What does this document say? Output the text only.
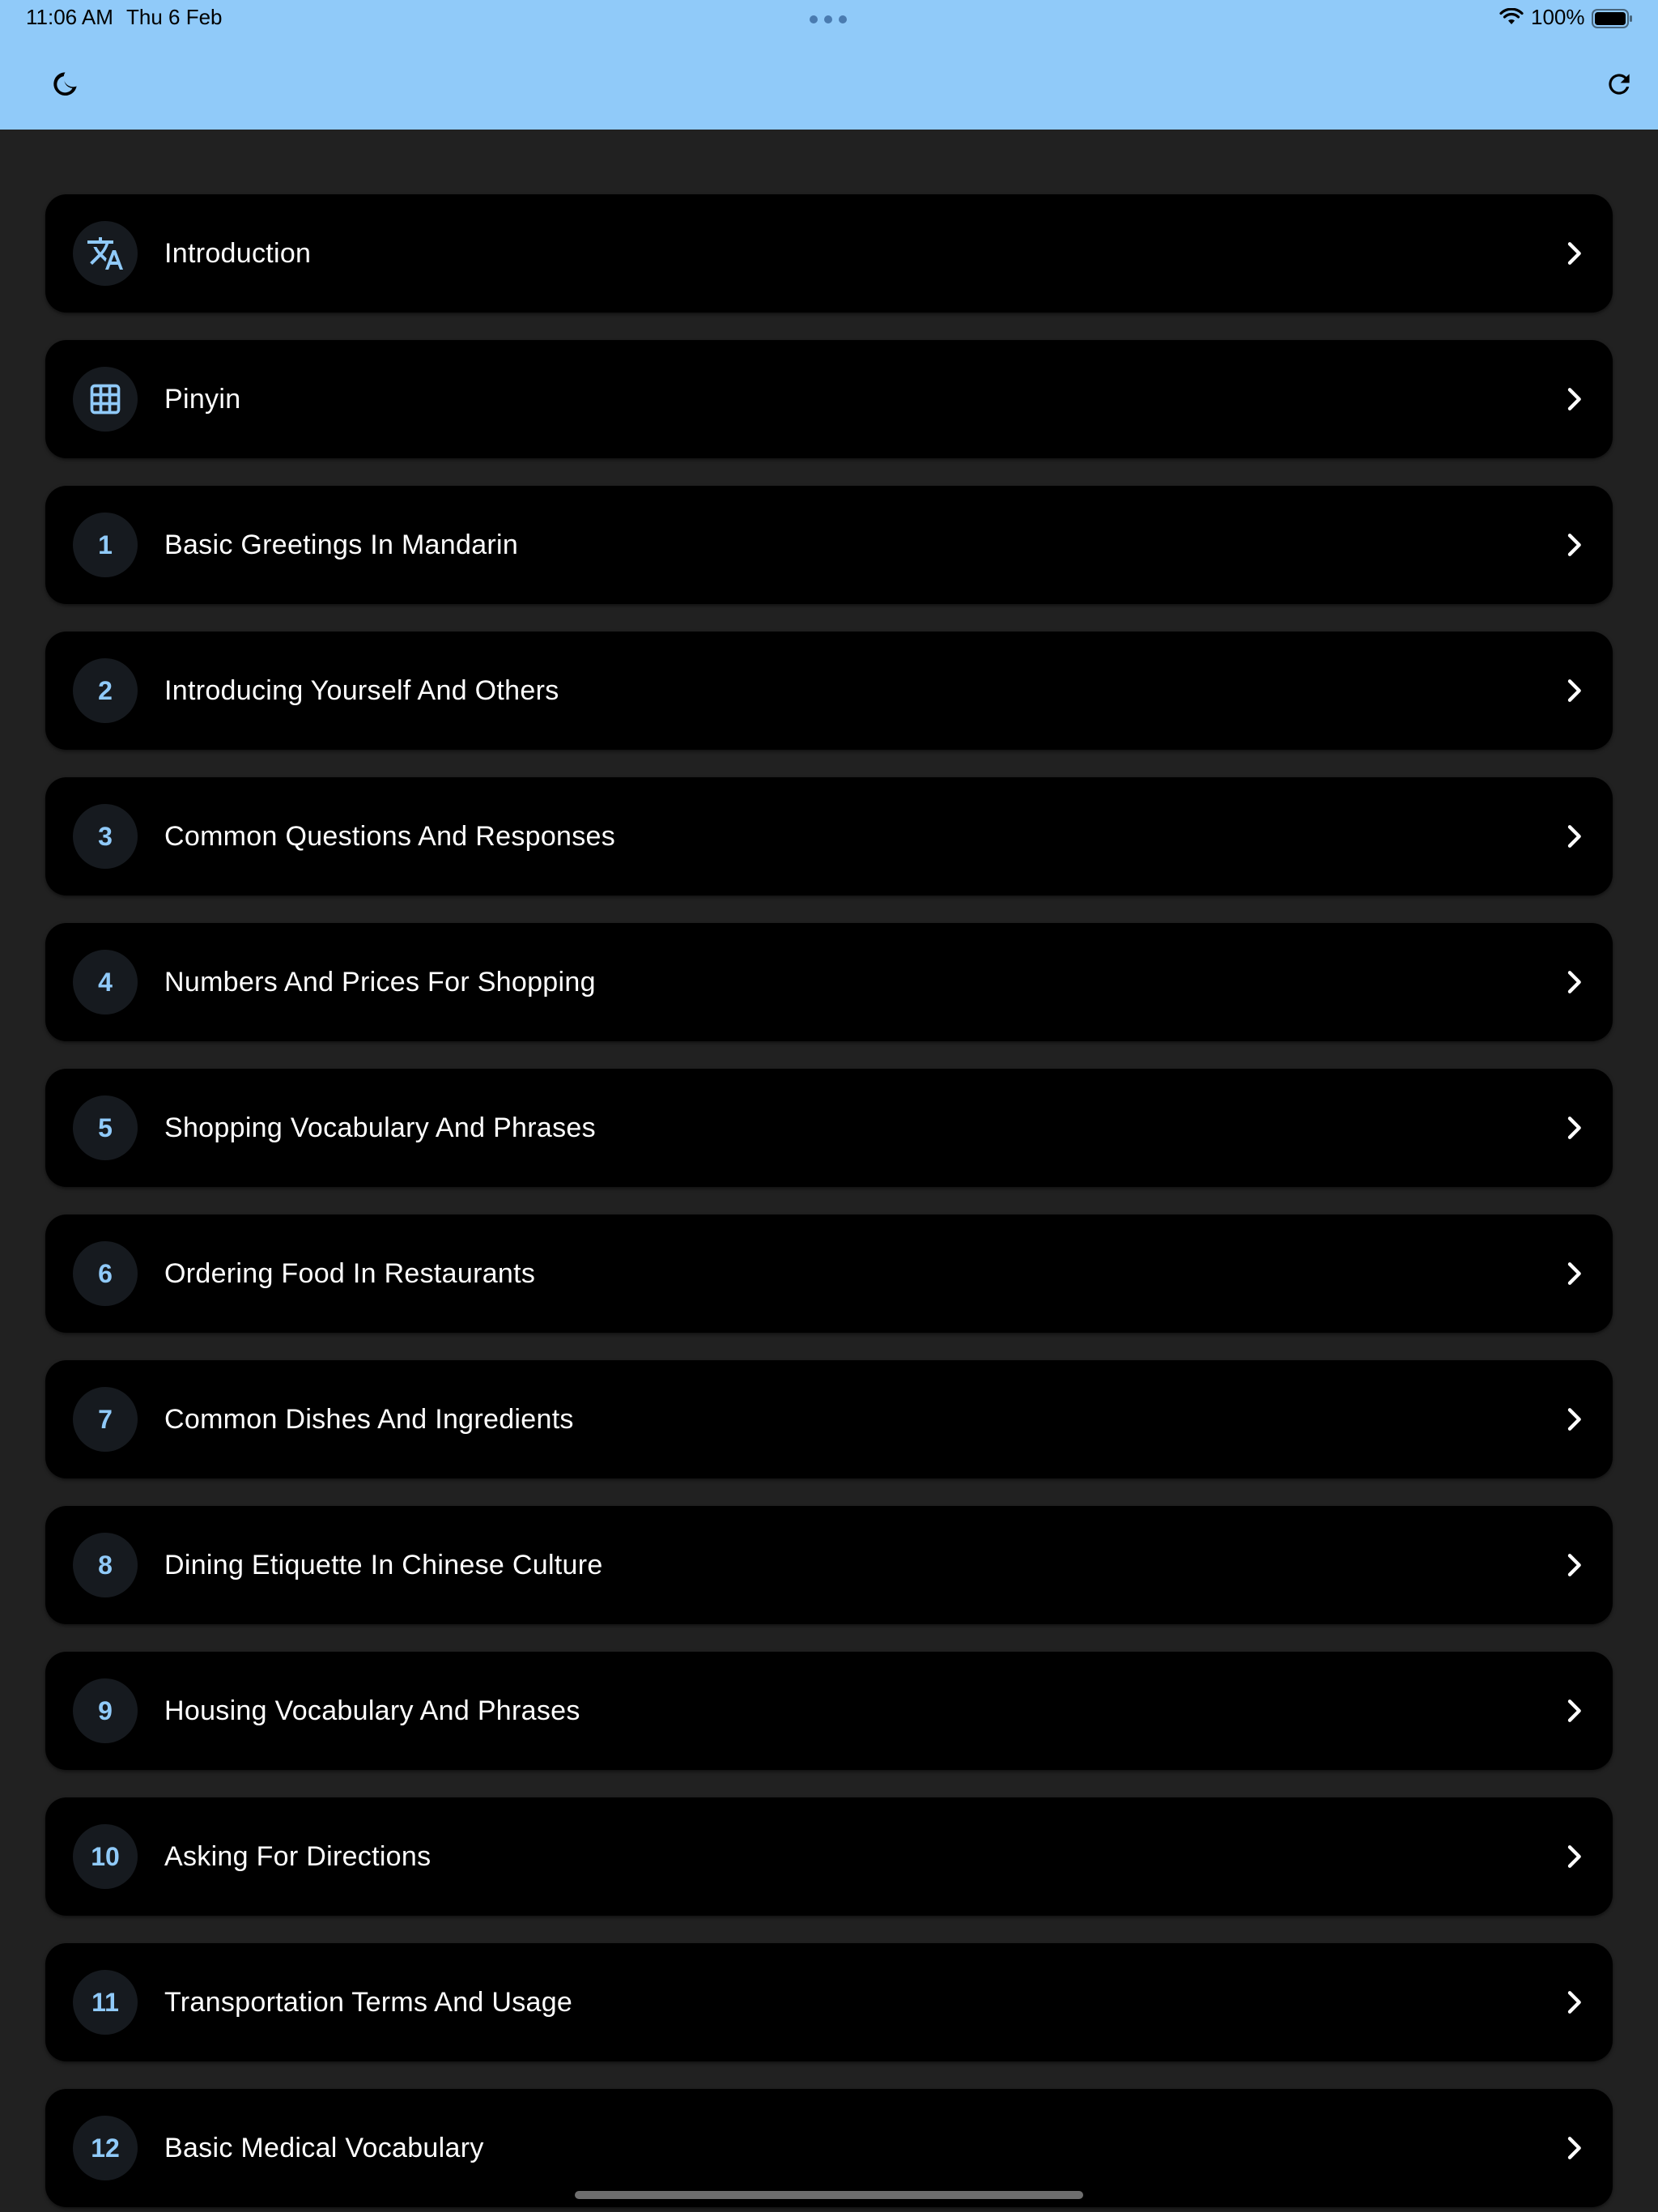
11:06 AM Thu 6 Feb	100%
Introduction
Pinyin
1	Basic Greetings In Mandarin
2	Introducing Yourself And Others
3	Common Questions And Responses
4	Numbers And Prices For Shopping
5	Shopping Vocabulary And Phrases
6	Ordering Food In Restaurants
7	Common Dishes And Ingredients
8	Dining Etiquette In Chinese Culture
9	Housing Vocabulary And Phrases
10	Asking For Directions
11	Transportation Terms And Usage
12	Basic Medical Vocabulary
